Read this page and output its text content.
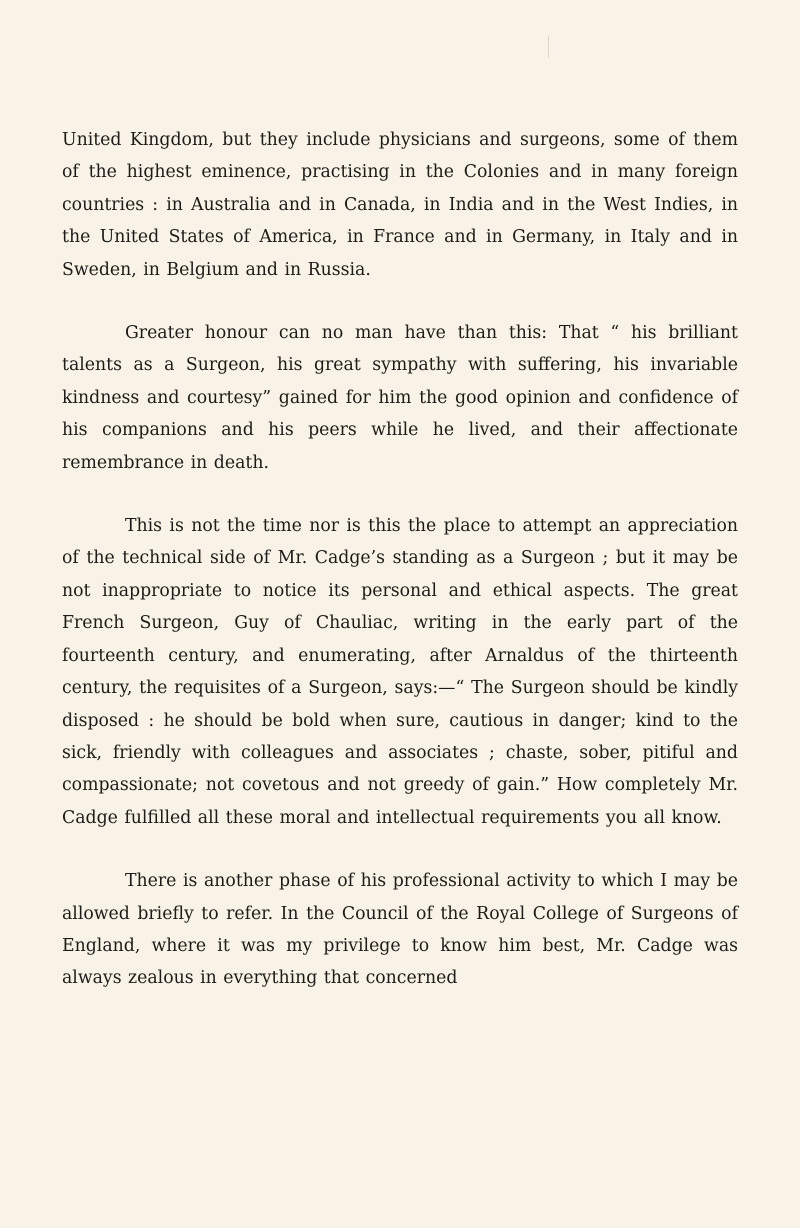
United Kingdom, but they include physicians and surgeons, some of them of the highest eminence, practising in the Colonies and in many foreign countries : in Australia and in Canada, in India and in the West Indies, in the United States of America, in France and in Germany, in Italy and in Sweden, in Belgium and in Russia.

Greater honour can no man have than this: That “ his brilliant talents as a Surgeon, his great sympathy with suffering, his invariable kindness and courtesy” gained for him the good opinion and confidence of his companions and his peers while he lived, and their affectionate remembrance in death.

This is not the time nor is this the place to attempt an appreciation of the technical side of Mr. Cadge’s standing as a Surgeon ; but it may be not inappropriate to notice its personal and ethical aspects. The great French Surgeon, Guy of Chauliac, writing in the early part of the fourteenth century, and enumerating, after Arnaldus of the thirteenth century, the requisites of a Surgeon, says:—“ The Surgeon should be kindly disposed : he should be bold when sure, cautious in danger; kind to the sick, friendly with colleagues and associates ; chaste, sober, pitiful and compassionate; not covetous and not greedy of gain.” How completely Mr. Cadge fulfilled all these moral and intellectual requirements you all know.

There is another phase of his professional activity to which I may be allowed briefly to refer. In the Council of the Royal College of Surgeons of England, where it was my privilege to know him best, Mr. Cadge was always zealous in everything that concerned
